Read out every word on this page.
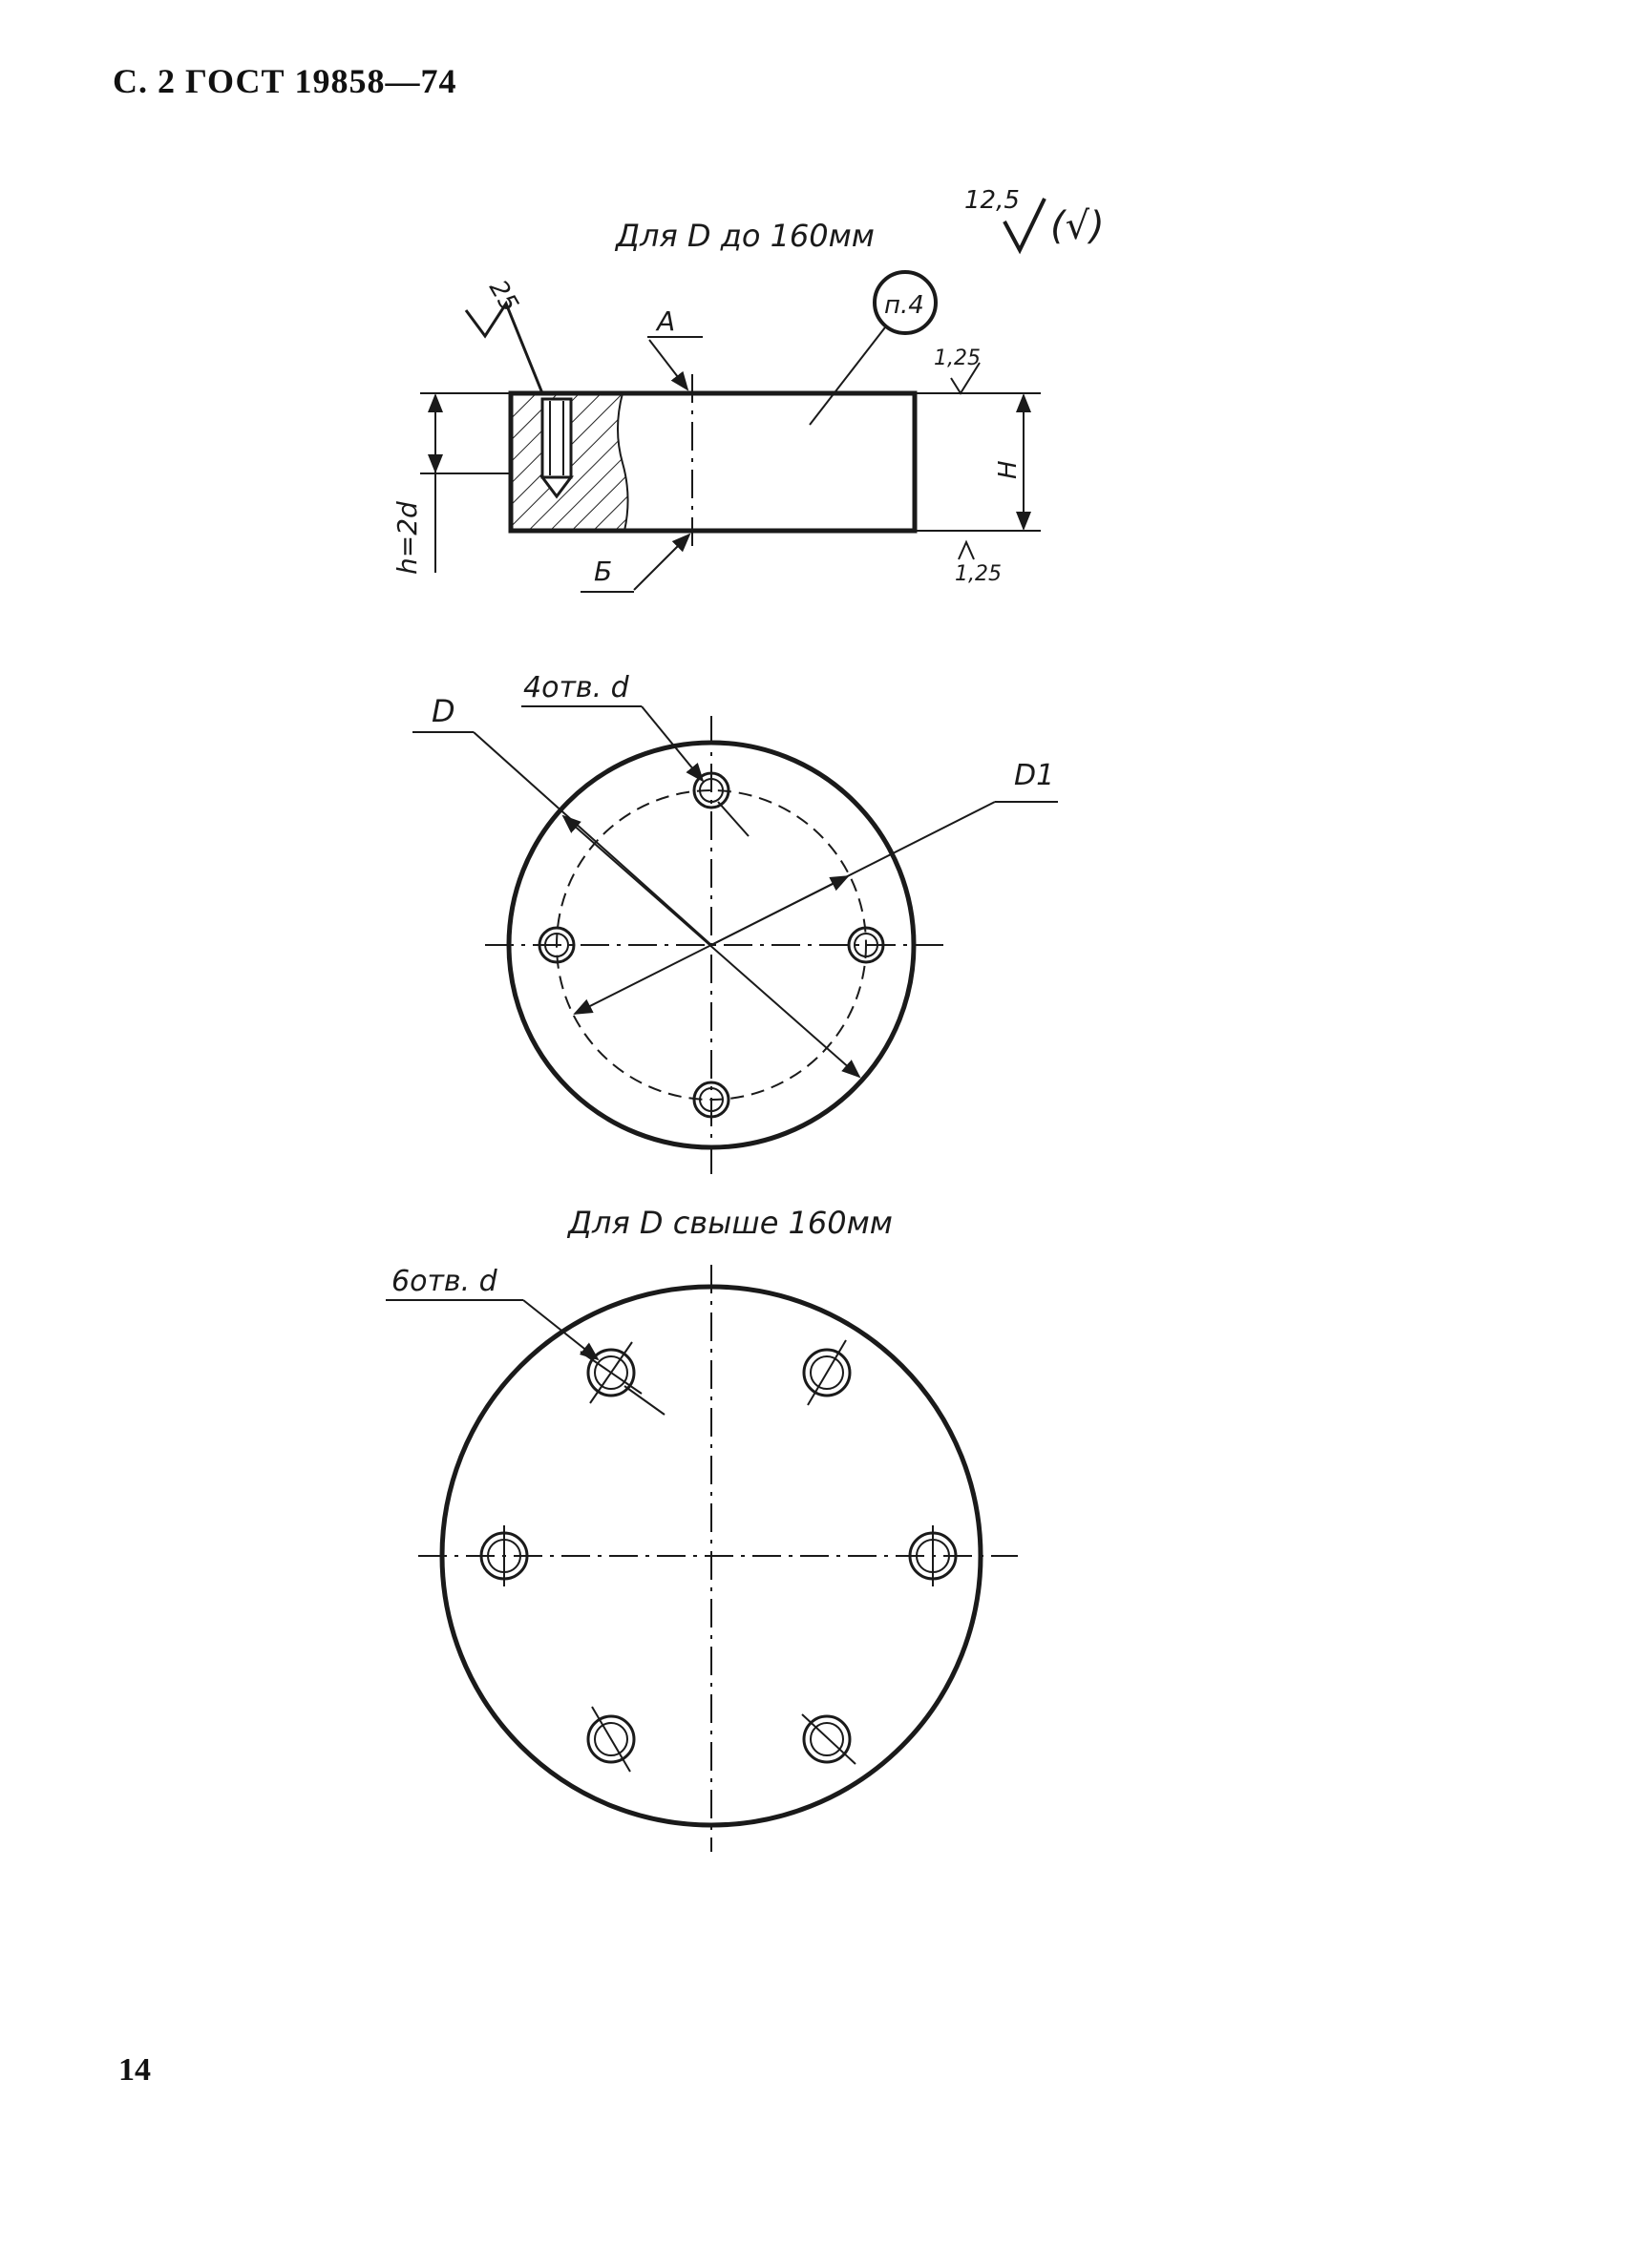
С. 2 ГОСТ 19858—74
Для D до 160мм
12,5
(√)
h=2d
H
25
А
Б
п.4
1,25
1,25
D
D1
4отв. d
Для D свыше 160мм
6отв. d
14
